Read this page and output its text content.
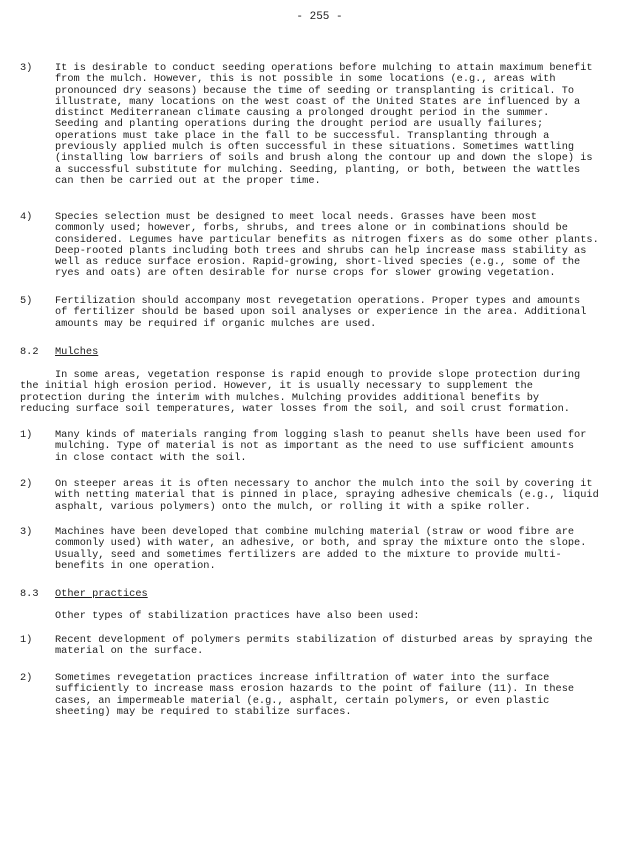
- 255 -
3) It is desirable to conduct seeding operations before mulching to attain maximum benefit
from the mulch. However, this is not possible in some locations (e.g., areas with
pronounced dry seasons) because the time of seeding or transplanting is critical. To
illustrate, many locations on the west coast of the United States are influenced by a
distinct Mediterranean climate causing a prolonged drought period in the summer.
Seeding and planting operations during the drought period are usually failures;
operations must take place in the fall to be successful. Transplanting through a
previously applied mulch is often successful in these situations. Sometimes wattling
(installing low barriers of soils and brush along the contour up and down the slope) is
a successful substitute for mulching. Seeding, planting, or both, between the wattles
can then be carried out at the proper time.
4) Species selection must be designed to meet local needs. Grasses have been most
commonly used; however, forbs, shrubs, and trees alone or in combinations should be
considered. Legumes have particular benefits as nitrogen fixers as do some other plants.
Deep-rooted plants including both trees and shrubs can help increase mass stability as
well as reduce surface erosion. Rapid-growing, short-lived species (e.g., some of the
ryes and oats) are often desirable for nurse crops for slower growing vegetation.
5) Fertilization should accompany most revegetation operations. Proper types and amounts
of fertilizer should be based upon soil analyses or experience in the area. Additional
amounts may be required if organic mulches are used.
8.2 Mulches
In some areas, vegetation response is rapid enough to provide slope protection during
the initial high erosion period. However, it is usually necessary to supplement the
protection during the interim with mulches. Mulching provides additional benefits by
reducing surface soil temperatures, water losses from the soil, and soil crust formation.
1) Many kinds of materials ranging from logging slash to peanut shells have been used for
mulching. Type of material is not as important as the need to use sufficient amounts
in close contact with the soil.
2) On steeper areas it is often necessary to anchor the mulch into the soil by covering it
with netting material that is pinned in place, spraying adhesive chemicals (e.g., liquid
asphalt, various polymers) onto the mulch, or rolling it with a spike roller.
3) Machines have been developed that combine mulching material (straw or wood fibre are
commonly used) with water, an adhesive, or both, and spray the mixture onto the slope.
Usually, seed and sometimes fertilizers are added to the mixture to provide multi-
benefits in one operation.
8.3 Other practices
Other types of stabilization practices have also been used:
1) Recent development of polymers permits stabilization of disturbed areas by spraying the
material on the surface.
2) Sometimes revegetation practices increase infiltration of water into the surface
sufficiently to increase mass erosion hazards to the point of failure (11). In these
cases, an impermeable material (e.g., asphalt, certain polymers, or even plastic
sheeting) may be required to stabilize surfaces.
